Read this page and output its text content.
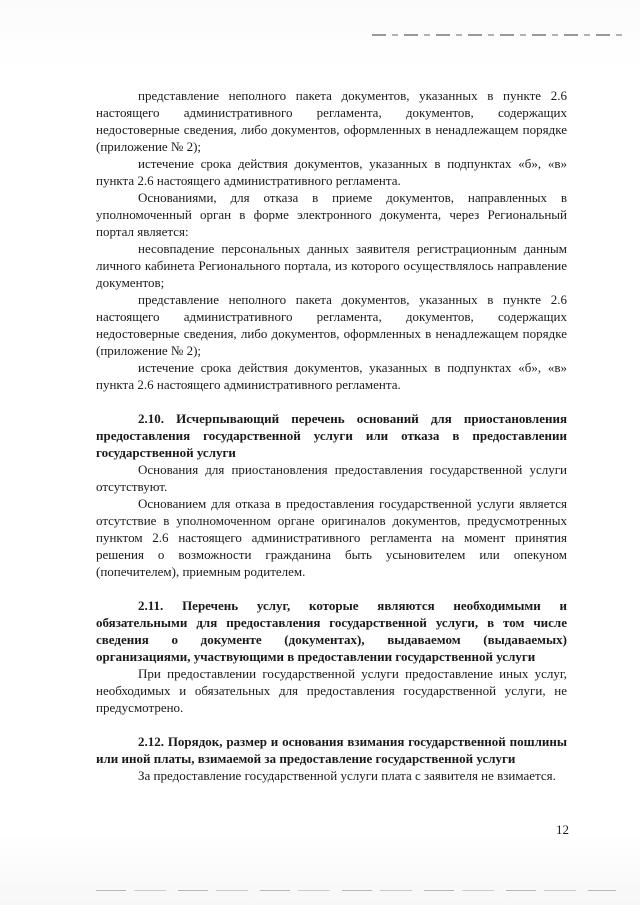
представление неполного пакета документов, указанных в пункте 2.6 настоящего административного регламента, документов, содержащих недостоверные сведения, либо документов, оформленных в ненадлежащем порядке (приложение № 2);

истечение срока действия документов, указанных в подпунктах «б», «в» пункта 2.6 настоящего административного регламента.

Основаниями, для отказа в приеме документов, направленных в уполномоченный орган в форме электронного документа, через Региональный портал является:

несовпадение персональных данных заявителя регистрационным данным личного кабинета Регионального портала, из которого осуществлялось направление документов;

представление неполного пакета документов, указанных в пункте 2.6 настоящего административного регламента, документов, содержащих недостоверные сведения, либо документов, оформленных в ненадлежащем порядке (приложение № 2);

истечение срока действия документов, указанных в подпунктах «б», «в» пункта 2.6 настоящего административного регламента.

2.10. Исчерпывающий перечень оснований для приостановления предоставления государственной услуги или отказа в предоставлении государственной услуги

Основания для приостановления предоставления государственной услуги отсутствуют.

Основанием для отказа в предоставления государственной услуги является отсутствие в уполномоченном органе оригиналов документов, предусмотренных пунктом 2.6 настоящего административного регламента на момент принятия решения о возможности гражданина быть усыновителем или опекуном (попечителем), приемным родителем.

2.11. Перечень услуг, которые являются необходимыми и обязательными для предоставления государственной услуги, в том числе сведения о документе (документах), выдаваемом (выдаваемых) организациями, участвующими в предоставлении государственной услуги

При предоставлении государственной услуги предоставление иных услуг, необходимых и обязательных для предоставления государственной услуги, не предусмотрено.

2.12. Порядок, размер и основания взимания государственной пошлины или иной платы, взимаемой за предоставление государственной услуги

За предоставление государственной услуги плата с заявителя не взимается.

12
